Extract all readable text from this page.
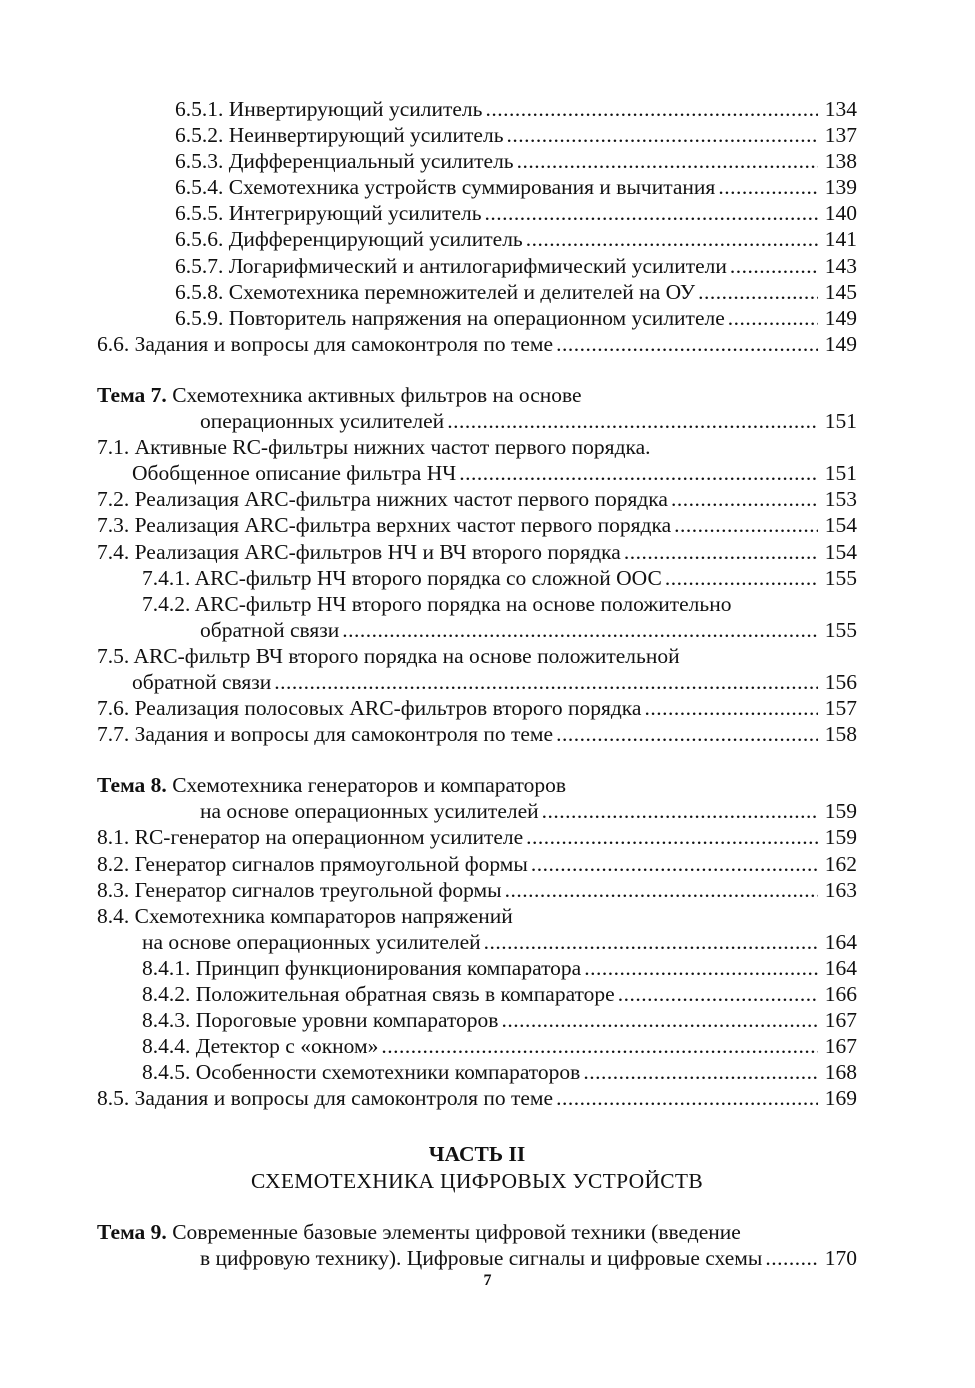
6.5.1. Инвертирующий усилитель .....	134
6.5.2. Неинвертирующий усилитель .....	137
6.5.3. Дифференциальный усилитель .....	138
6.5.4. Схемотехника устройств суммирования и вычитания .....	139
6.5.5. Интегрирующий усилитель .....	140
6.5.6. Дифференцирующий усилитель .....	141
6.5.7. Логарифмический и антилогарифмический усилители .....	143
6.5.8. Схемотехника перемножителей и делителей на ОУ .....	145
6.5.9. Повторитель напряжения на операционном усилителе .....	149
6.6. Задания и вопросы для самоконтроля по теме .....	149
Тема 7. Схемотехника активных фильтров на основе
операционных усилителей .....	151
7.1. Активные RC-фильтры нижних частот первого порядка.
Обобщенное описание фильтра НЧ .....	151
7.2. Реализация ARC-фильтра нижних частот первого порядка .....	153
7.3. Реализация ARC-фильтра верхних частот первого порядка .....	154
7.4. Реализация ARC-фильтров НЧ и ВЧ второго порядка .....	154
7.4.1. ARC-фильтр НЧ второго порядка со сложной ООС .....	155
7.4.2. ARC-фильтр НЧ второго порядка на основе положительно
обратной связи .....	155
7.5. ARC-фильтр ВЧ второго порядка на основе положительной
обратной связи .....	156
7.6. Реализация полосовых ARC-фильтров второго порядка .....	157
7.7. Задания и вопросы для самоконтроля по теме .....	158
Тема 8. Схемотехника генераторов и компараторов
на основе операционных усилителей .....	159
8.1. RC-генератор на операционном усилителе .....	159
8.2. Генератор сигналов прямоугольной формы .....	162
8.3. Генератор сигналов треугольной формы .....	163
8.4. Схемотехника компараторов напряжений
на основе операционных усилителей .....	164
8.4.1. Принцип функционирования компаратора .....	164
8.4.2. Положительная обратная связь в компараторе .....	166
8.4.3. Пороговые уровни компараторов .....	167
8.4.4. Детектор с «окном» .....	167
8.4.5. Особенности схемотехники компараторов .....	168
8.5. Задания и вопросы для самоконтроля по теме .....	169
ЧАСТЬ II
СХЕМОТЕХНИКА ЦИФРОВЫХ УСТРОЙСТВ
Тема 9. Современные базовые элементы цифровой техники (введение
в цифровую технику). Цифровые сигналы и цифровые схемы .....	170
7
